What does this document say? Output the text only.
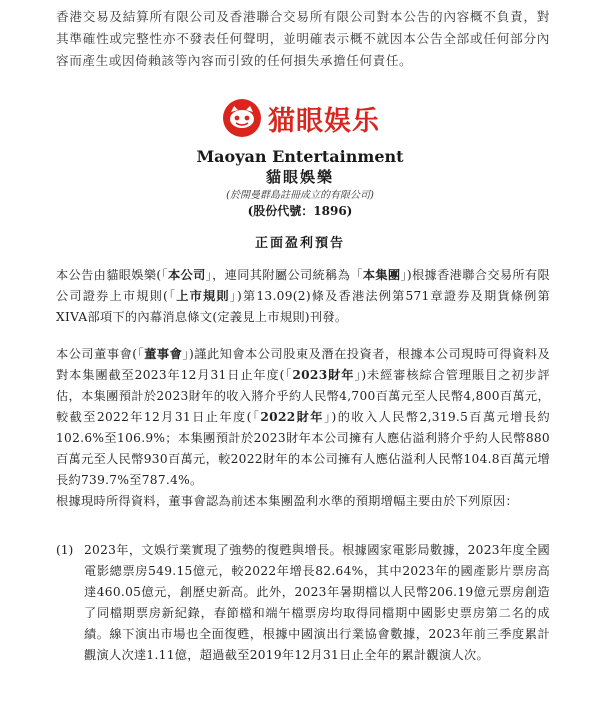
香港交易及結算所有限公司及香港聯合交易所有限公司對本公告的內容概不負責，對其準確性或完整性亦不發表任何聲明，並明確表示概不就因本公告全部或任何部分內容而產生或因倚賴該等內容而引致的任何損失承擔任何責任。
猫眼娱乐
Maoyan Entertainment
貓眼娛樂
(於開曼群島註冊成立的有限公司)
(股份代號：1896)
正面盈利預告
本公告由貓眼娛樂(「本公司」，連同其附屬公司統稱為「本集團」)根據香港聯合交易所有限公司證券上市規則(「上市規則」)第13.09(2)條及香港法例第571章證券及期貨條例第XIVA部項下的內幕消息條文(定義見上市規則)刊發。
本公司董事會(「董事會」)謹此知會本公司股東及潛在投資者，根據本公司現時可得資料及對本集團截至2023年12月31日止年度(「2023財年」)未經審核綜合管理賬目之初步評估，本集團預計於2023財年的收入將介乎約人民幣4,700百萬元至人民幣4,800百萬元，較截至2022年12月31日止年度(「2022財年」)的收入人民幣2,319.5百萬元增長約102.6%至106.9%；本集團預計於2023財年本公司擁有人應佔溢利將介乎約人民幣880百萬元至人民幣930百萬元，較2022財年的本公司擁有人應佔溢利人民幣104.8百萬元增長約739.7%至787.4%。
根據現時所得資料，董事會認為前述本集團盈利水準的預期增幅主要由於下列原因：
(1) 2023年，文娛行業實現了強勢的復甦與增長。根據國家電影局數據，2023年度全國電影總票房549.15億元，較2022年增長82.64%，其中2023年的國產影片票房高達460.05億元，創歷史新高。此外，2023年暑期檔以人民幣206.19億元票房創造了同檔期票房新紀錄，春節檔和端午檔票房均取得同檔期中國影史票房第二名的成績。線下演出市場也全面復甦，根據中國演出行業協會數據，2023年前三季度累計觀演人次達1.11億，超過截至2019年12月31日止全年的累計觀演人次。
